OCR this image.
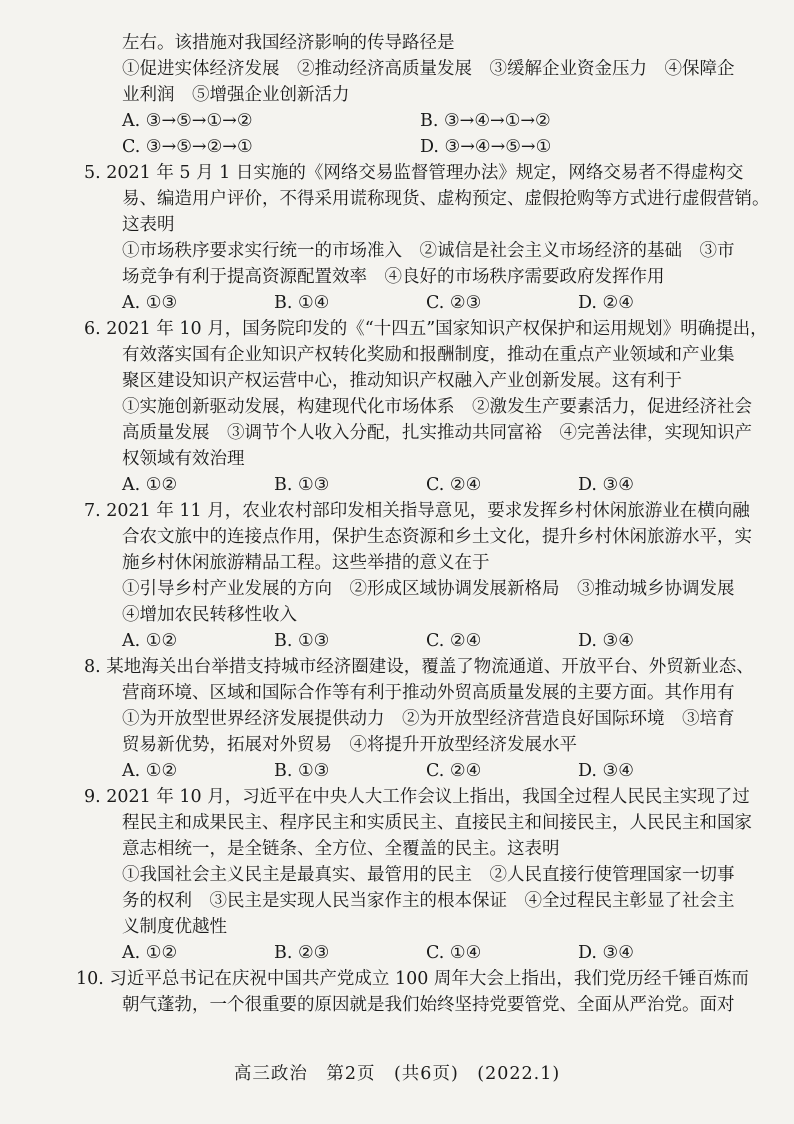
左右。该措施对我国经济影响的传导路径是
①促进实体经济发展　②推动经济高质量发展　③缓解企业资金压力　④保障企
业利润　⑤增强企业创新活力
A. ③→⑤→①→②	B. ③→④→①→②
C. ③→⑤→②→①	D. ③→④→⑤→①
5. 2021 年 5 月 1 日实施的《网络交易监督管理办法》规定，网络交易者不得虚构交
易、编造用户评价，不得采用谎称现货、虚构预定、虚假抢购等方式进行虚假营销。
这表明
①市场秩序要求实行统一的市场准入　②诚信是社会主义市场经济的基础　③市
场竞争有利于提高资源配置效率　④良好的市场秩序需要政府发挥作用
A. ①③	B. ①④	C. ②③	D. ②④
6. 2021 年 10 月，国务院印发的《“十四五”国家知识产权保护和运用规划》明确提出，
有效落实国有企业知识产权转化奖励和报酬制度，推动在重点产业领域和产业集
聚区建设知识产权运营中心，推动知识产权融入产业创新发展。这有利于
①实施创新驱动发展，构建现代化市场体系　②激发生产要素活力，促进经济社会
高质量发展　③调节个人收入分配，扎实推动共同富裕　④完善法律，实现知识产
权领域有效治理
A. ①②	B. ①③	C. ②④	D. ③④
7. 2021 年 11 月，农业农村部印发相关指导意见，要求发挥乡村休闲旅游业在横向融
合农文旅中的连接点作用，保护生态资源和乡土文化，提升乡村休闲旅游水平，实
施乡村休闲旅游精品工程。这些举措的意义在于
①引导乡村产业发展的方向　②形成区域协调发展新格局　③推动城乡协调发展
④增加农民转移性收入
A. ①②	B. ①③	C. ②④	D. ③④
8. 某地海关出台举措支持城市经济圈建设，覆盖了物流通道、开放平台、外贸新业态、
营商环境、区域和国际合作等有利于推动外贸高质量发展的主要方面。其作用有
①为开放型世界经济发展提供动力　②为开放型经济营造良好国际环境　③培育
贸易新优势，拓展对外贸易　④将提升开放型经济发展水平
A. ①②	B. ①③	C. ②④	D. ③④
9. 2021 年 10 月，习近平在中央人大工作会议上指出，我国全过程人民民主实现了过
程民主和成果民主、程序民主和实质民主、直接民主和间接民主，人民民主和国家
意志相统一，是全链条、全方位、全覆盖的民主。这表明
①我国社会主义民主是最真实、最管用的民主　②人民直接行使管理国家一切事
务的权利　③民主是实现人民当家作主的根本保证　④全过程民主彰显了社会主
义制度优越性
A. ①②	B. ②③	C. ①④	D. ③④
10. 习近平总书记在庆祝中国共产党成立 100 周年大会上指出，我们党历经千锤百炼而
朝气蓬勃，一个很重要的原因就是我们始终坚持党要管党、全面从严治党。面对
高三政治　第2页　(共6页)　(2022.1)
